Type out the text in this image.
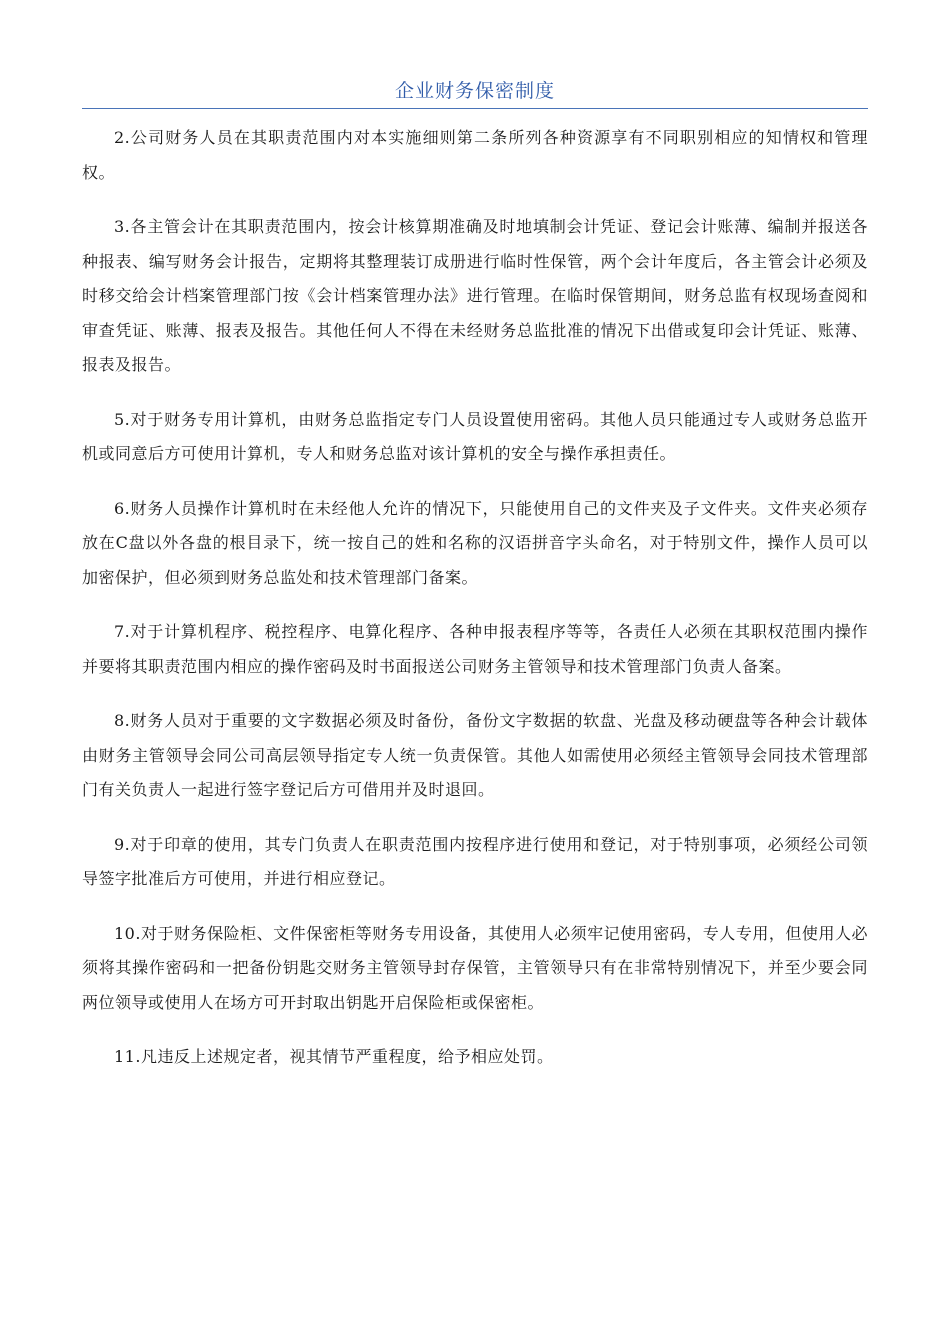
企业财务保密制度

2.公司财务人员在其职责范围内对本实施细则第二条所列各种资源享有不同职别相应的知情权和管理权。

3.各主管会计在其职责范围内，按会计核算期准确及时地填制会计凭证、登记会计账薄、编制并报送各种报表、编写财务会计报告，定期将其整理装订成册进行临时性保管，两个会计年度后，各主管会计必须及时移交给会计档案管理部门按《会计档案管理办法》进行管理。在临时保管期间，财务总监有权现场查阅和审查凭证、账薄、报表及报告。其他任何人不得在未经财务总监批准的情况下出借或复印会计凭证、账薄、报表及报告。

5.对于财务专用计算机，由财务总监指定专门人员设置使用密码。其他人员只能通过专人或财务总监开机或同意后方可使用计算机，专人和财务总监对该计算机的安全与操作承担责任。

6.财务人员操作计算机时在未经他人允许的情况下，只能使用自己的文件夹及子文件夹。文件夹必须存放在C盘以外各盘的根目录下，统一按自己的姓和名称的汉语拼音字头命名，对于特别文件，操作人员可以加密保护，但必须到财务总监处和技术管理部门备案。

7.对于计算机程序、税控程序、电算化程序、各种申报表程序等等，各责任人必须在其职权范围内操作并要将其职责范围内相应的操作密码及时书面报送公司财务主管领导和技术管理部门负责人备案。

8.财务人员对于重要的文字数据必须及时备份，备份文字数据的软盘、光盘及移动硬盘等各种会计载体由财务主管领导会同公司高层领导指定专人统一负责保管。其他人如需使用必须经主管领导会同技术管理部门有关负责人一起进行签字登记后方可借用并及时退回。

9.对于印章的使用，其专门负责人在职责范围内按程序进行使用和登记，对于特别事项，必须经公司领导签字批准后方可使用，并进行相应登记。

10.对于财务保险柜、文件保密柜等财务专用设备，其使用人必须牢记使用密码，专人专用，但使用人必须将其操作密码和一把备份钥匙交财务主管领导封存保管，主管领导只有在非常特别情况下，并至少要会同两位领导或使用人在场方可开封取出钥匙开启保险柜或保密柜。

11.凡违反上述规定者，视其情节严重程度，给予相应处罚。
